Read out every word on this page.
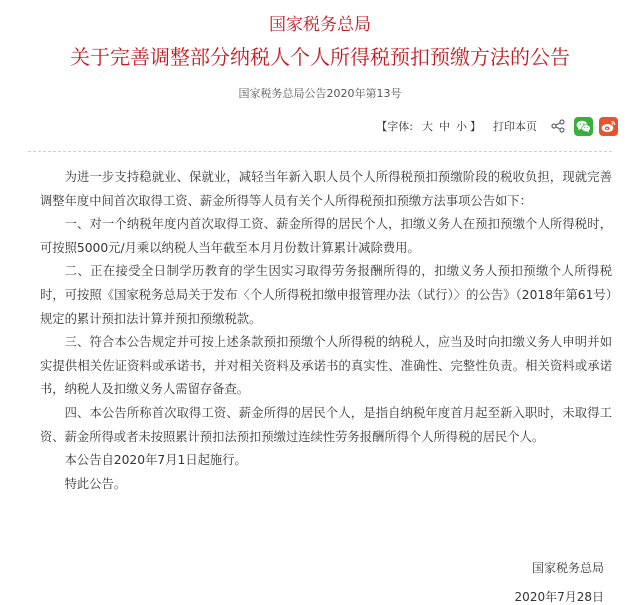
国家税务总局
关于完善调整部分纳税人个人所得税预扣预缴方法的公告
国家税务总局公告2020年第13号
【字体: 大 中 小 】 打印本页

为进一步支持稳就业、保就业，减轻当年新入职人员个人所得税预扣预缴阶段的税收负担，现就完善调整年度中间首次取得工资、薪金所得等人员有关个人所得税预扣预缴方法事项公告如下：

一、对一个纳税年度内首次取得工资、薪金所得的居民个人，扣缴义务人在预扣预缴个人所得税时，可按照5000元/月乘以纳税人当年截至本月月份数计算累计减除费用。

二、正在接受全日制学历教育的学生因实习取得劳务报酬所得的，扣缴义务人预扣预缴个人所得税时，可按照《国家税务总局关于发布〈个人所得税扣缴申报管理办法（试行）〉的公告》（2018年第61号）规定的累计预扣法计算并预扣预缴税款。

三、符合本公告规定并可按上述条款预扣预缴个人所得税的纳税人，应当及时向扣缴义务人申明并如实提供相关佐证资料或承诺书，并对相关资料及承诺书的真实性、准确性、完整性负责。相关资料或承诺书，纳税人及扣缴义务人需留存备查。

四、本公告所称首次取得工资、薪金所得的居民个人，是指自纳税年度首月起至新入职时，未取得工资、薪金所得或者未按照累计预扣法预扣预缴过连续性劳务报酬所得个人所得税的居民个人。

本公告自2020年7月1日起施行。

特此公告。

国家税务总局
2020年7月28日
